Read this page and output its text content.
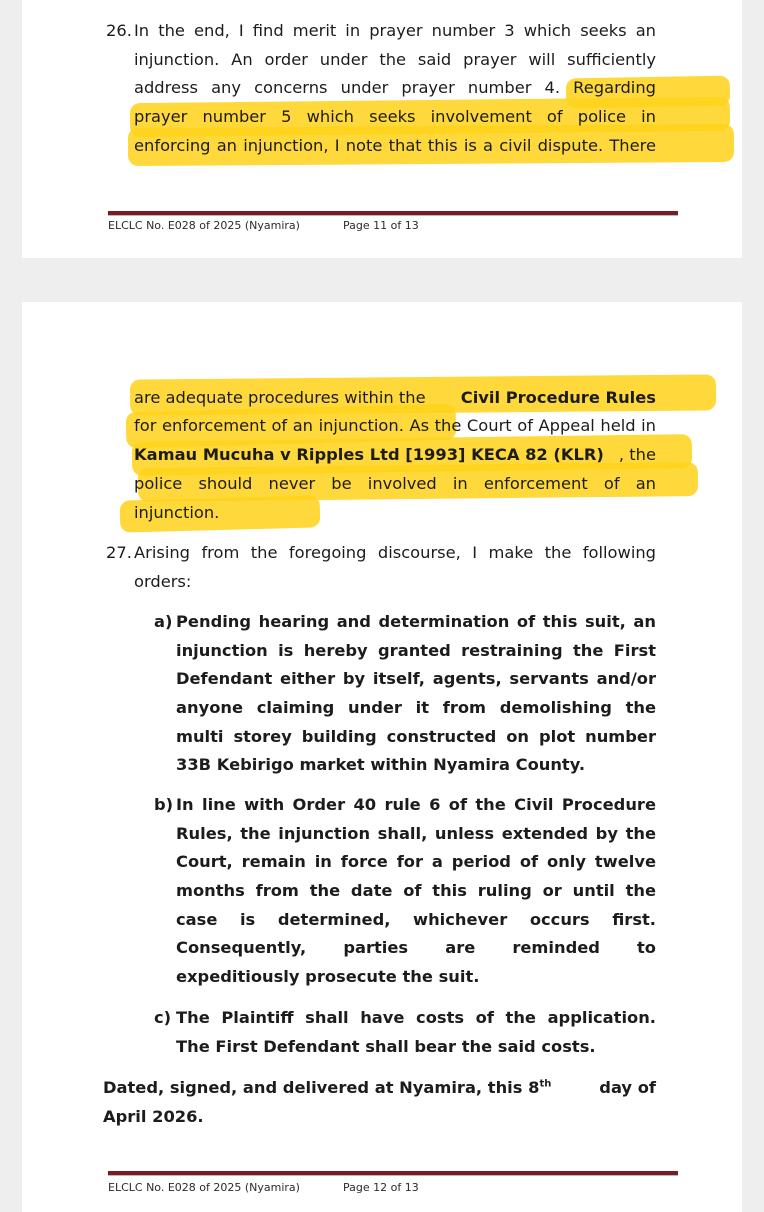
26. In the end, I find merit in prayer number 3 which seeks an

injunction. An order under the said prayer will sufficiently

address any concerns under prayer number 4. Regarding

prayer number 5 which seeks involvement of police in

enforcing an injunction, I note that this is a civil dispute. There

ELCLC No. E028 of 2025 (Nyamira)	Page 11 of 13

are adequate procedures within the Civil Procedure Rules

for enforcement of an injunction. As the Court of Appeal held in

Kamau Mucuha v Ripples Ltd [1993] KECA 82 (KLR) , the

police should never be involved in enforcement of an

injunction.

27. Arising from the foregoing discourse, I make the following

orders:

a) Pending hearing and determination of this suit, an

injunction is hereby granted restraining the First

Defendant either by itself, agents, servants and/or

anyone claiming under it from demolishing the

multi storey building constructed on plot number

33B Kebirigo market within Nyamira County.

b) In line with Order 40 rule 6 of the Civil Procedure

Rules, the injunction shall, unless extended by the

Court, remain in force for a period of only twelve

months from the date of this ruling or until the

case is determined, whichever occurs first.

Consequently, parties are reminded to

expeditiously prosecute the suit.

c) The Plaintiff shall have costs of the application.

The First Defendant shall bear the said costs.

Dated, signed, and delivered at Nyamira, this 8th	day of

April 2026.

ELCLC No. E028 of 2025 (Nyamira)	Page 12 of 13
